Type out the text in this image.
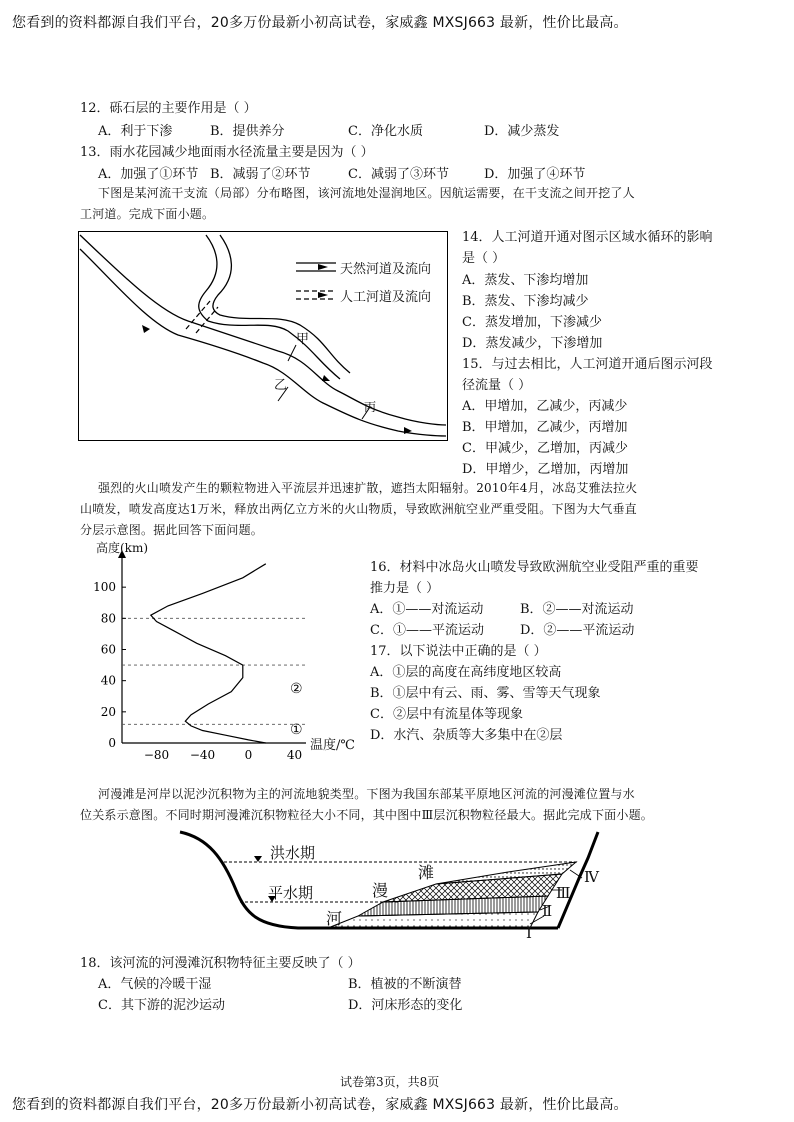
您看到的资料都源自我们平台，20多万份最新小初高试卷，家威鑫 MXSJ663 最新，性价比最高。
12．砾石层的主要作用是（ ）
A．利于下渗	B．提供养分	C．净化水质	D．减少蒸发
13．雨水花园减少地面雨水径流量主要是因为（ ）
A．加强了①环节 B．减弱了②环节	C．减弱了③环节	D．加强了④环节
下图是某河流干支流（局部）分布略图，该河流地处湿润地区。因航运需要，在干支流之间开挖了人
工河道。完成下面小题。
天然河道及流向
人工河道及流向
甲
乙
丙
14．人工河道开通对图示区域水循环的影响
是（ ）
A．蒸发、下渗均增加
B．蒸发、下渗均减少
C．蒸发增加，下渗减少
D．蒸发减少，下渗增加
15．与过去相比，人工河道开通后图示河段
径流量（ ）
A．甲增加，乙减少，丙减少
B．甲增加，乙减少，丙增加
C．甲减少，乙增加，丙减少
D．甲增少，乙增加，丙增加
强烈的火山喷发产生的颗粒物进入平流层并迅速扩散，遮挡太阳辐射。2010年4月，冰岛艾雅法拉火
山喷发，喷发高度达1万米，释放出两亿立方米的火山物质，导致欧洲航空业严重受阻。下图为大气垂直
分层示意图。据此回答下面问题。
100
80
60
40
20
0
−80 −40 0	40
高度(km)
温度/℃
②
①
16．材料中冰岛火山喷发导致欧洲航空业受阻严重的重要
推力是（ ）
A．①——对流运动	B．②——对流运动
C．①——平流运动	D．②——平流运动
17．以下说法中正确的是（ ）
A．①层的高度在高纬度地区较高
B．①层中有云、雨、雾、雪等天气现象
C．②层中有流星体等现象
D．水汽、杂质等大多集中在②层
河漫滩是河岸以泥沙沉积物为主的河流地貌类型。下图为我国东部某平原地区河流的河漫滩位置与水
位关系示意图。不同时期河漫滩沉积物粒径大小不同，其中图中Ⅲ层沉积物粒径最大。据此完成下面小题。
洪水期
平水期	漫
滩
河
Ⅰ
Ⅱ
Ⅲ
Ⅳ
18．该河流的河漫滩沉积物特征主要反映了（ ）
A．气候的冷暖干湿	B．植被的不断演替
C．其下游的泥沙运动	D．河床形态的变化
试卷第3页，共8页
您看到的资料都源自我们平台，20多万份最新小初高试卷，家威鑫 MXSJ663 最新，性价比最高。
